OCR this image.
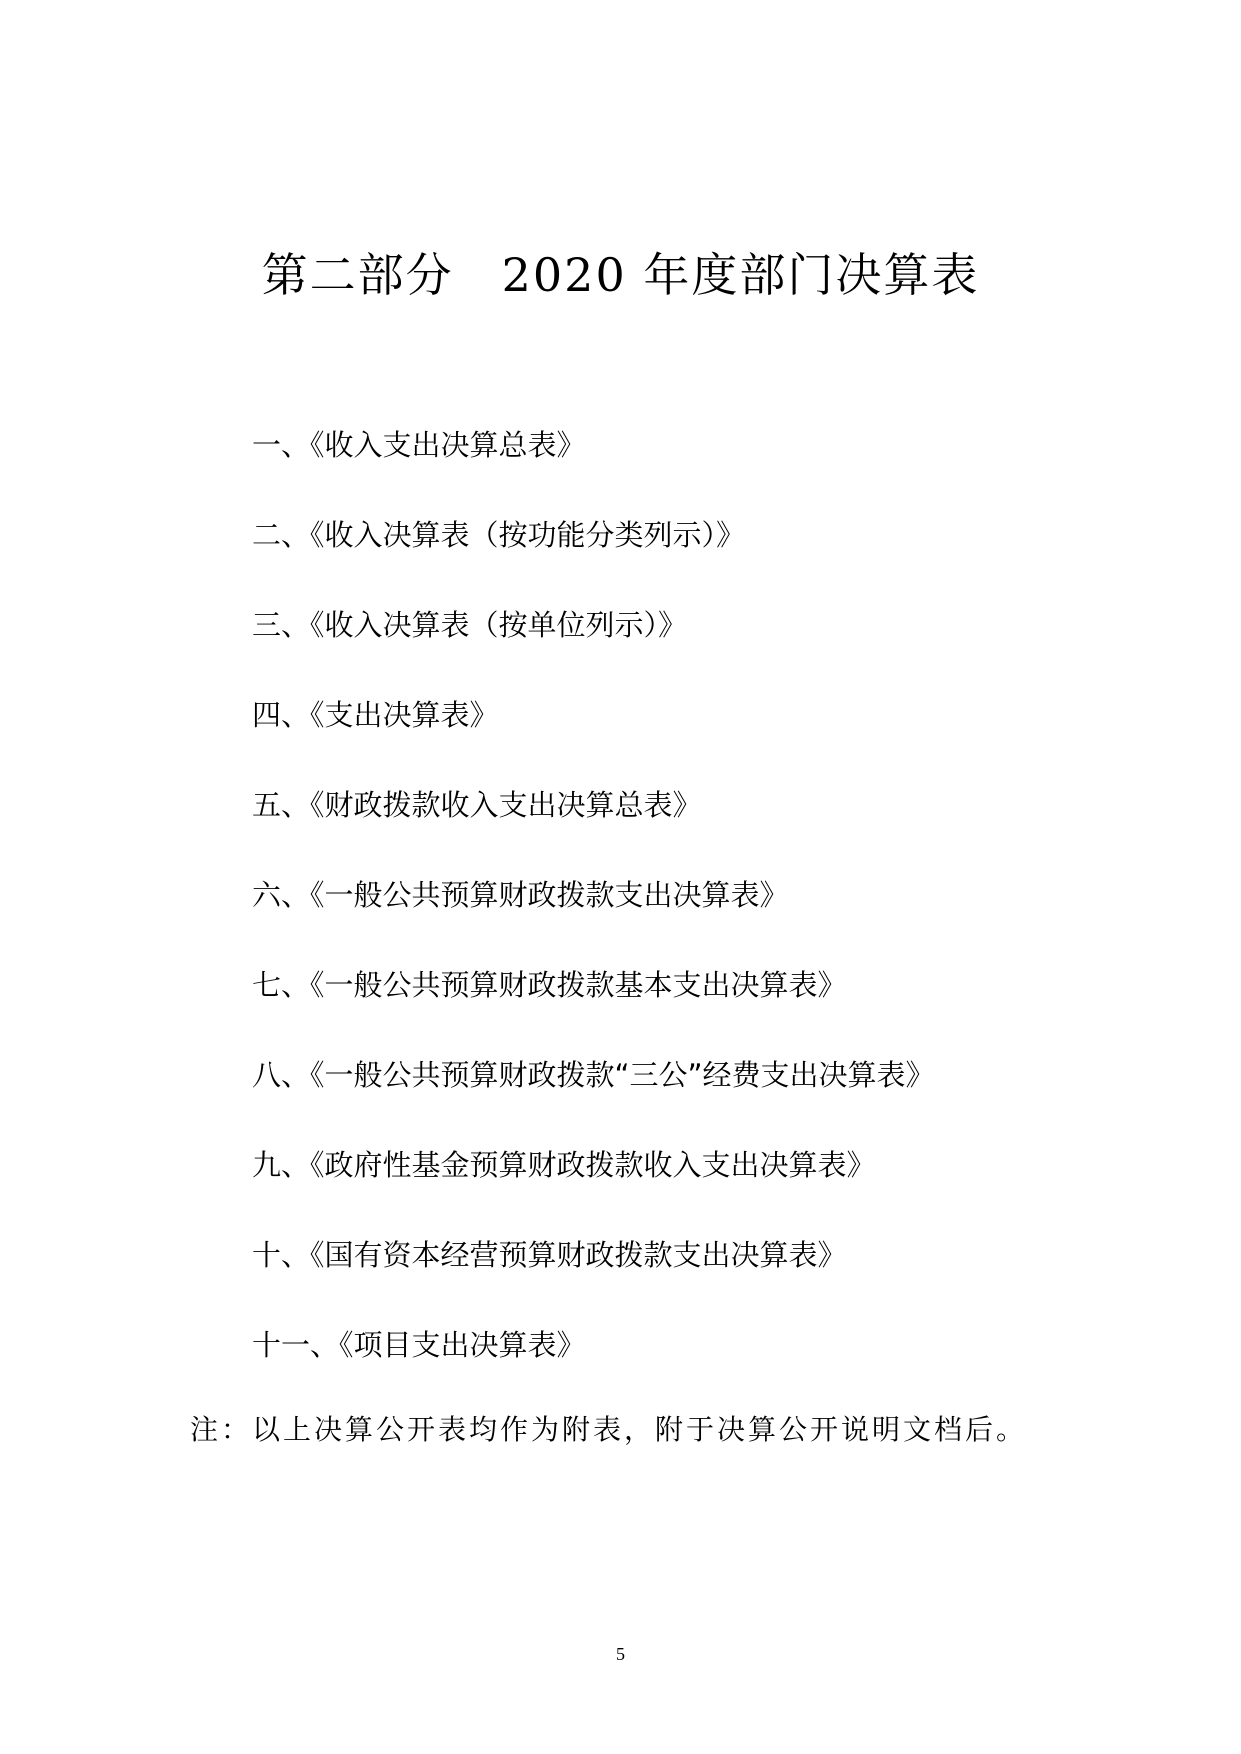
第二部分 2020 年度部门决算表
一、《收入支出决算总表》
二、《收入决算表（按功能分类列示）》
三、《收入决算表（按单位列示）》
四、《支出决算表》
五、《财政拨款收入支出决算总表》
六、《一般公共预算财政拨款支出决算表》
七、《一般公共预算财政拨款基本支出决算表》
八、《一般公共预算财政拨款“三公”经费支出决算表》
九、《政府性基金预算财政拨款收入支出决算表》
十、《国有资本经营预算财政拨款支出决算表》
十一、《项目支出决算表》

注：以上决算公开表均作为附表，附于决算公开说明文档后。

5
